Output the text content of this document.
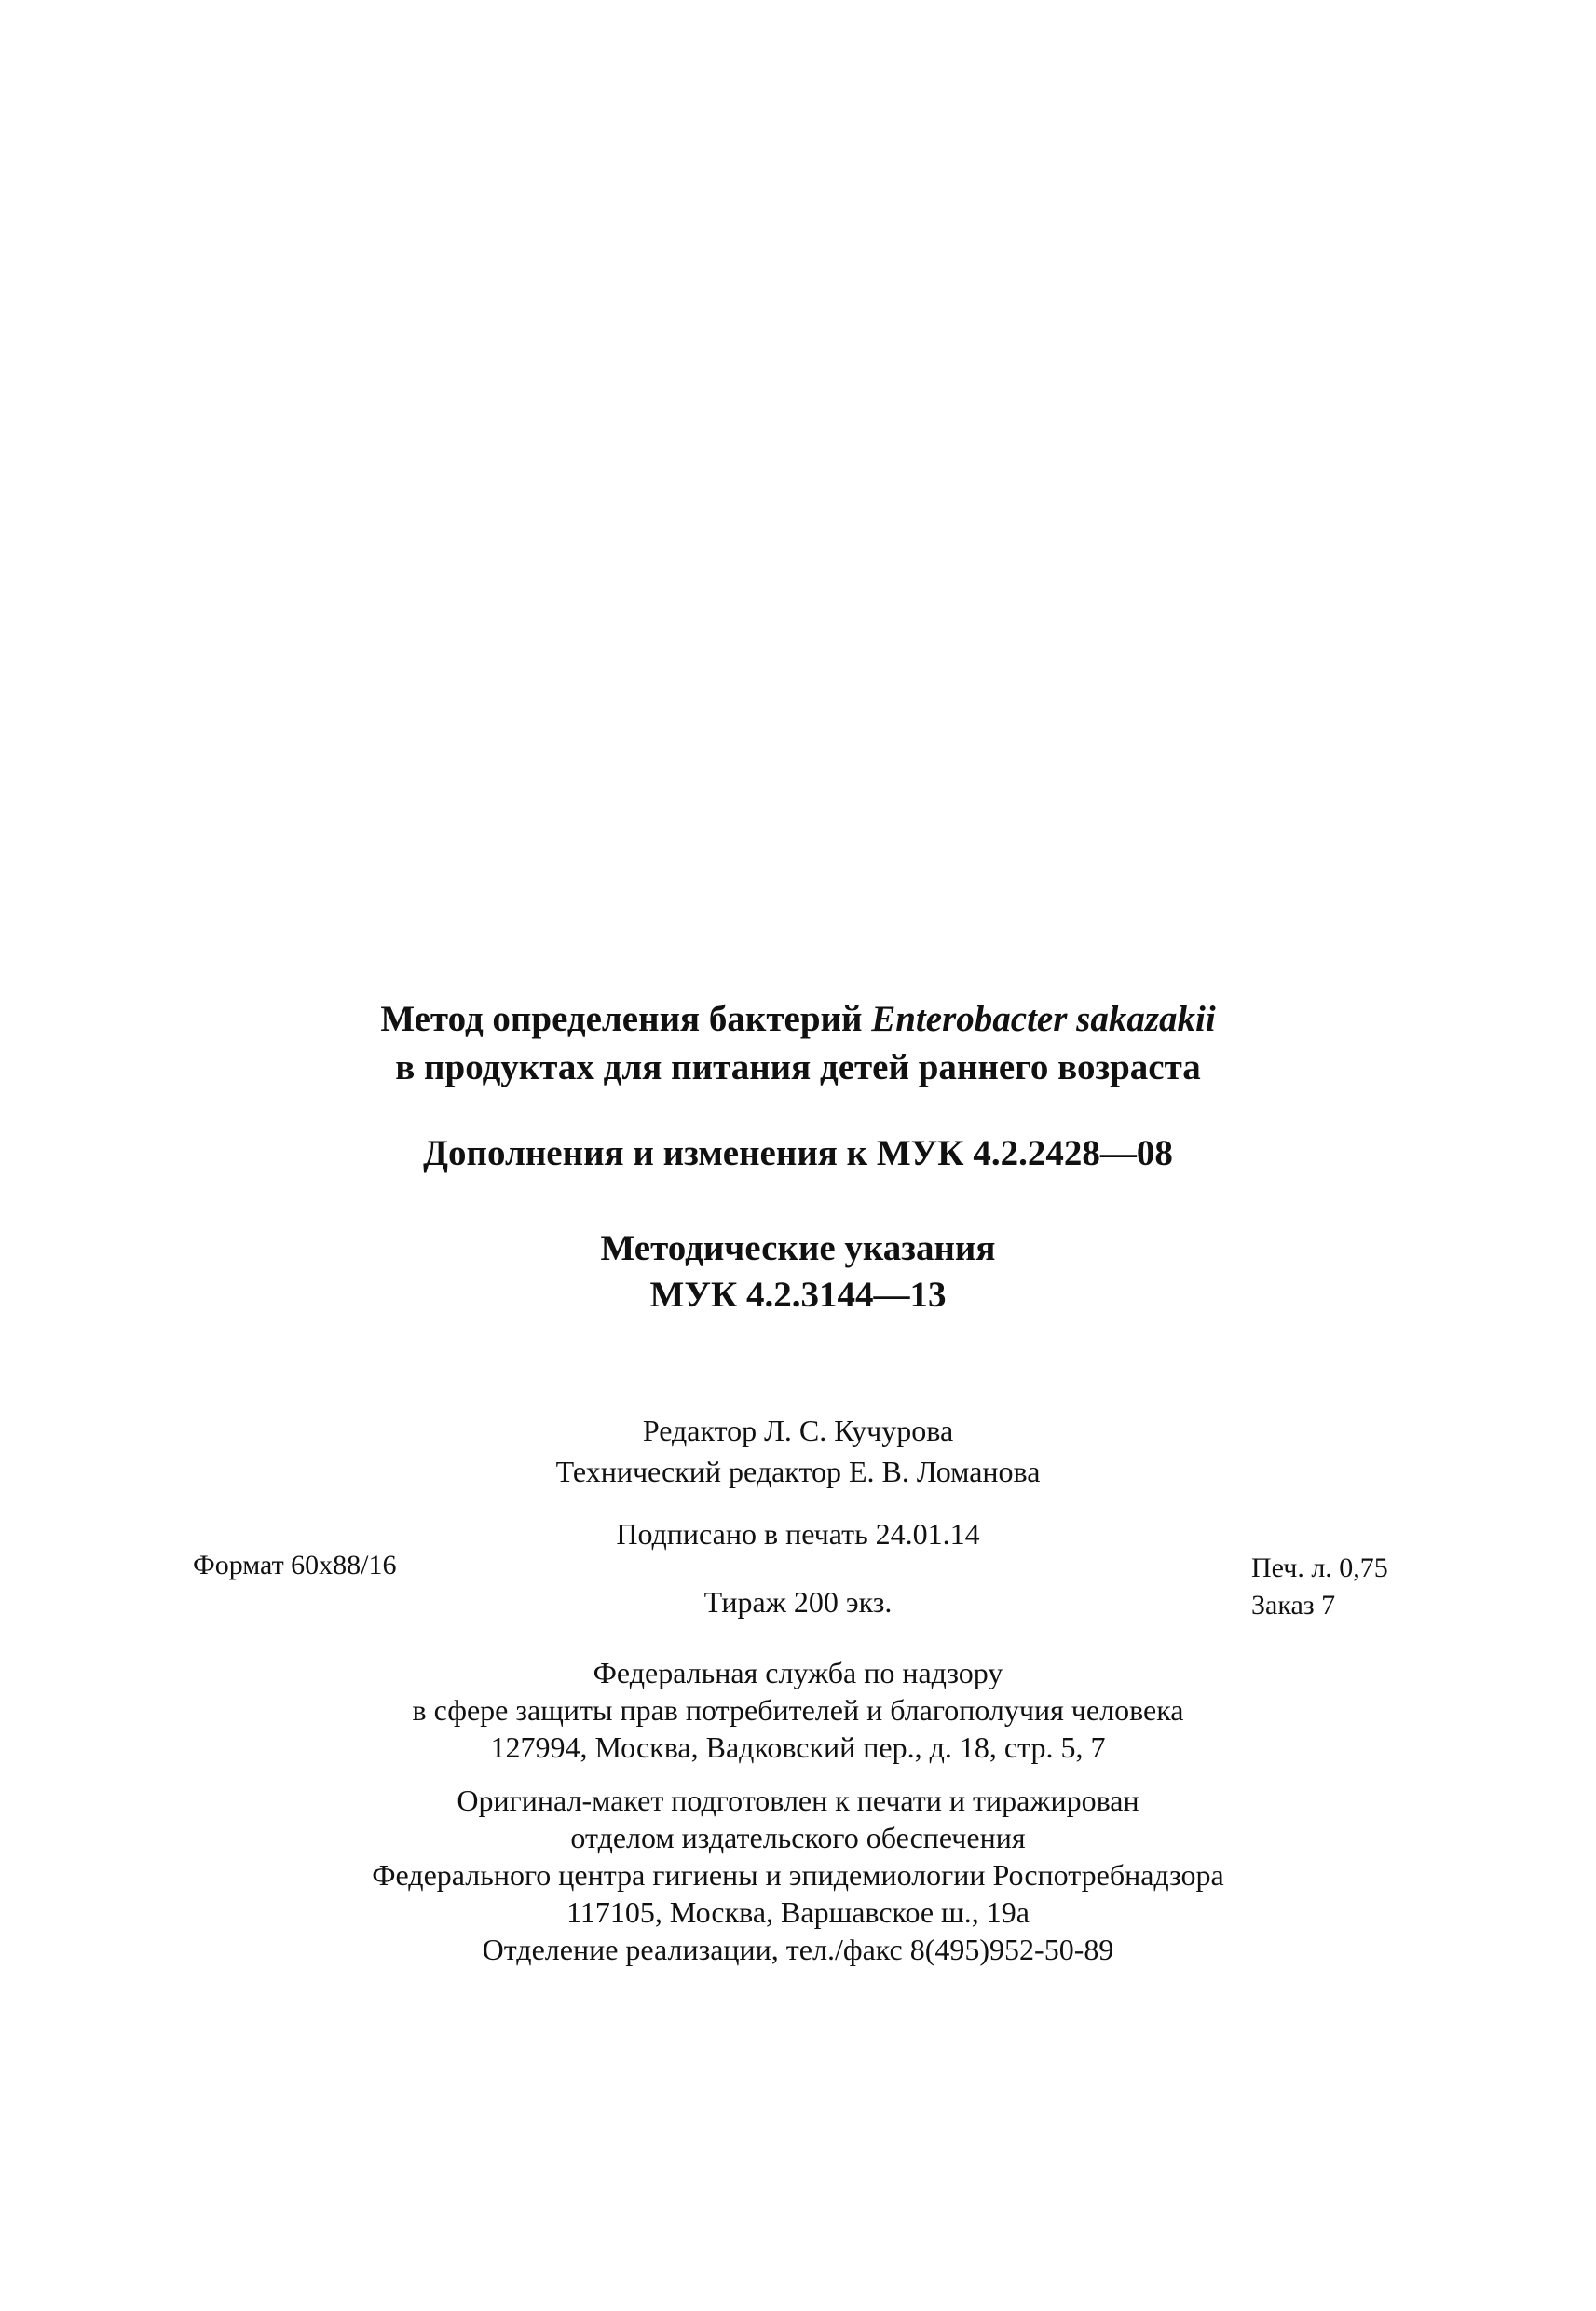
Метод определения бактерий Enterobacter sakazakii
в продуктах для питания детей раннего возраста
Дополнения и изменения к МУК 4.2.2428—08
Методические указания
МУК 4.2.3144—13
Редактор Л. С. Кучурова
Технический редактор Е. В. Ломанова
Подписано в печать 24.01.14
Формат 60x88/16	Печ. л. 0,75
Тираж 200 экз.	Заказ 7
Федеральная служба по надзору
в сфере защиты прав потребителей и благополучия человека
127994, Москва, Вадковский пер., д. 18, стр. 5, 7
Оригинал-макет подготовлен к печати и тиражирован
отделом издательского обеспечения
Федерального центра гигиены и эпидемиологии Роспотребнадзора
117105, Москва, Варшавское ш., 19а
Отделение реализации, тел./факс 8(495)952-50-89
